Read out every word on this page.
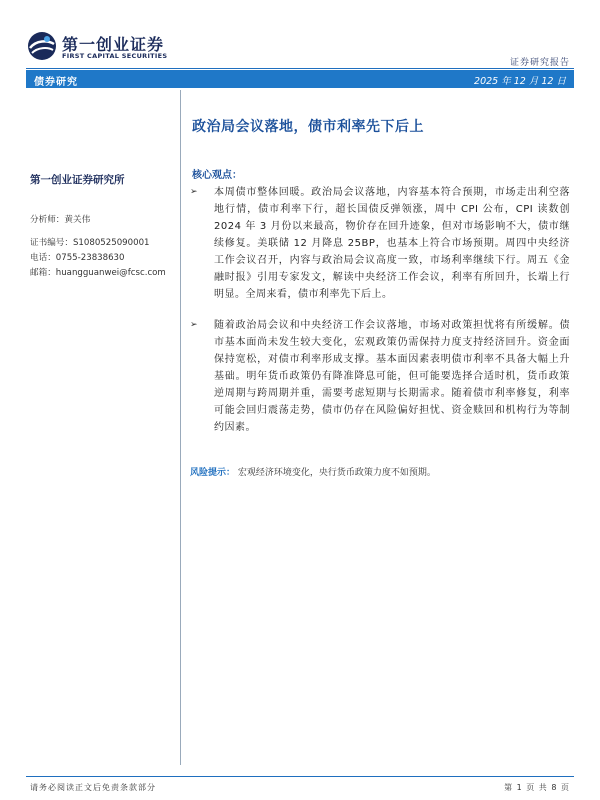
第一创业证券
FIRST CAPITAL SECURITIES
证券研究报告
债券研究	2025 年 12 月 12 日
政治局会议落地，债市利率先下后上
第一创业证券研究所
分析师：黄关伟
证书编号：S1080525090001
电话：0755-23838630
邮箱：huangguanwei@fcsc.com
核心观点：
➢ 本周债市整体回暖。政治局会议落地，内容基本符合预期，市场走出利空落地行情，债市利率下行，超长国债反弹领涨，周中 CPI 公布，CPI 读数创 2024 年 3 月份以来最高，物价存在回升迹象，但对市场影响不大，债市继续修复。美联储 12 月降息 25BP，也基本上符合市场预期。周四中央经济工作会议召开，内容与政治局会议高度一致，市场利率继续下行。周五《金融时报》引用专家发文，解读中央经济工作会议，利率有所回升，长端上行明显。全周来看，债市利率先下后上。
➢ 随着政治局会议和中央经济工作会议落地，市场对政策担忧将有所缓解。债市基本面尚未发生较大变化，宏观政策仍需保持力度支持经济回升。资金面保持宽松，对债市利率形成支撑。基本面因素表明债市利率不具备大幅上升基础。明年货币政策仍有降准降息可能，但可能要选择合适时机，货币政策逆周期与跨周期并重，需要考虑短期与长期需求。随着债市利率修复，利率可能会回归震荡走势，债市仍存在风险偏好担忧、资金赎回和机构行为等制约因素。
风险提示： 宏观经济环境变化，央行货币政策力度不如预期。
请务必阅读正文后免责条款部分	第 1 页 共 8 页
